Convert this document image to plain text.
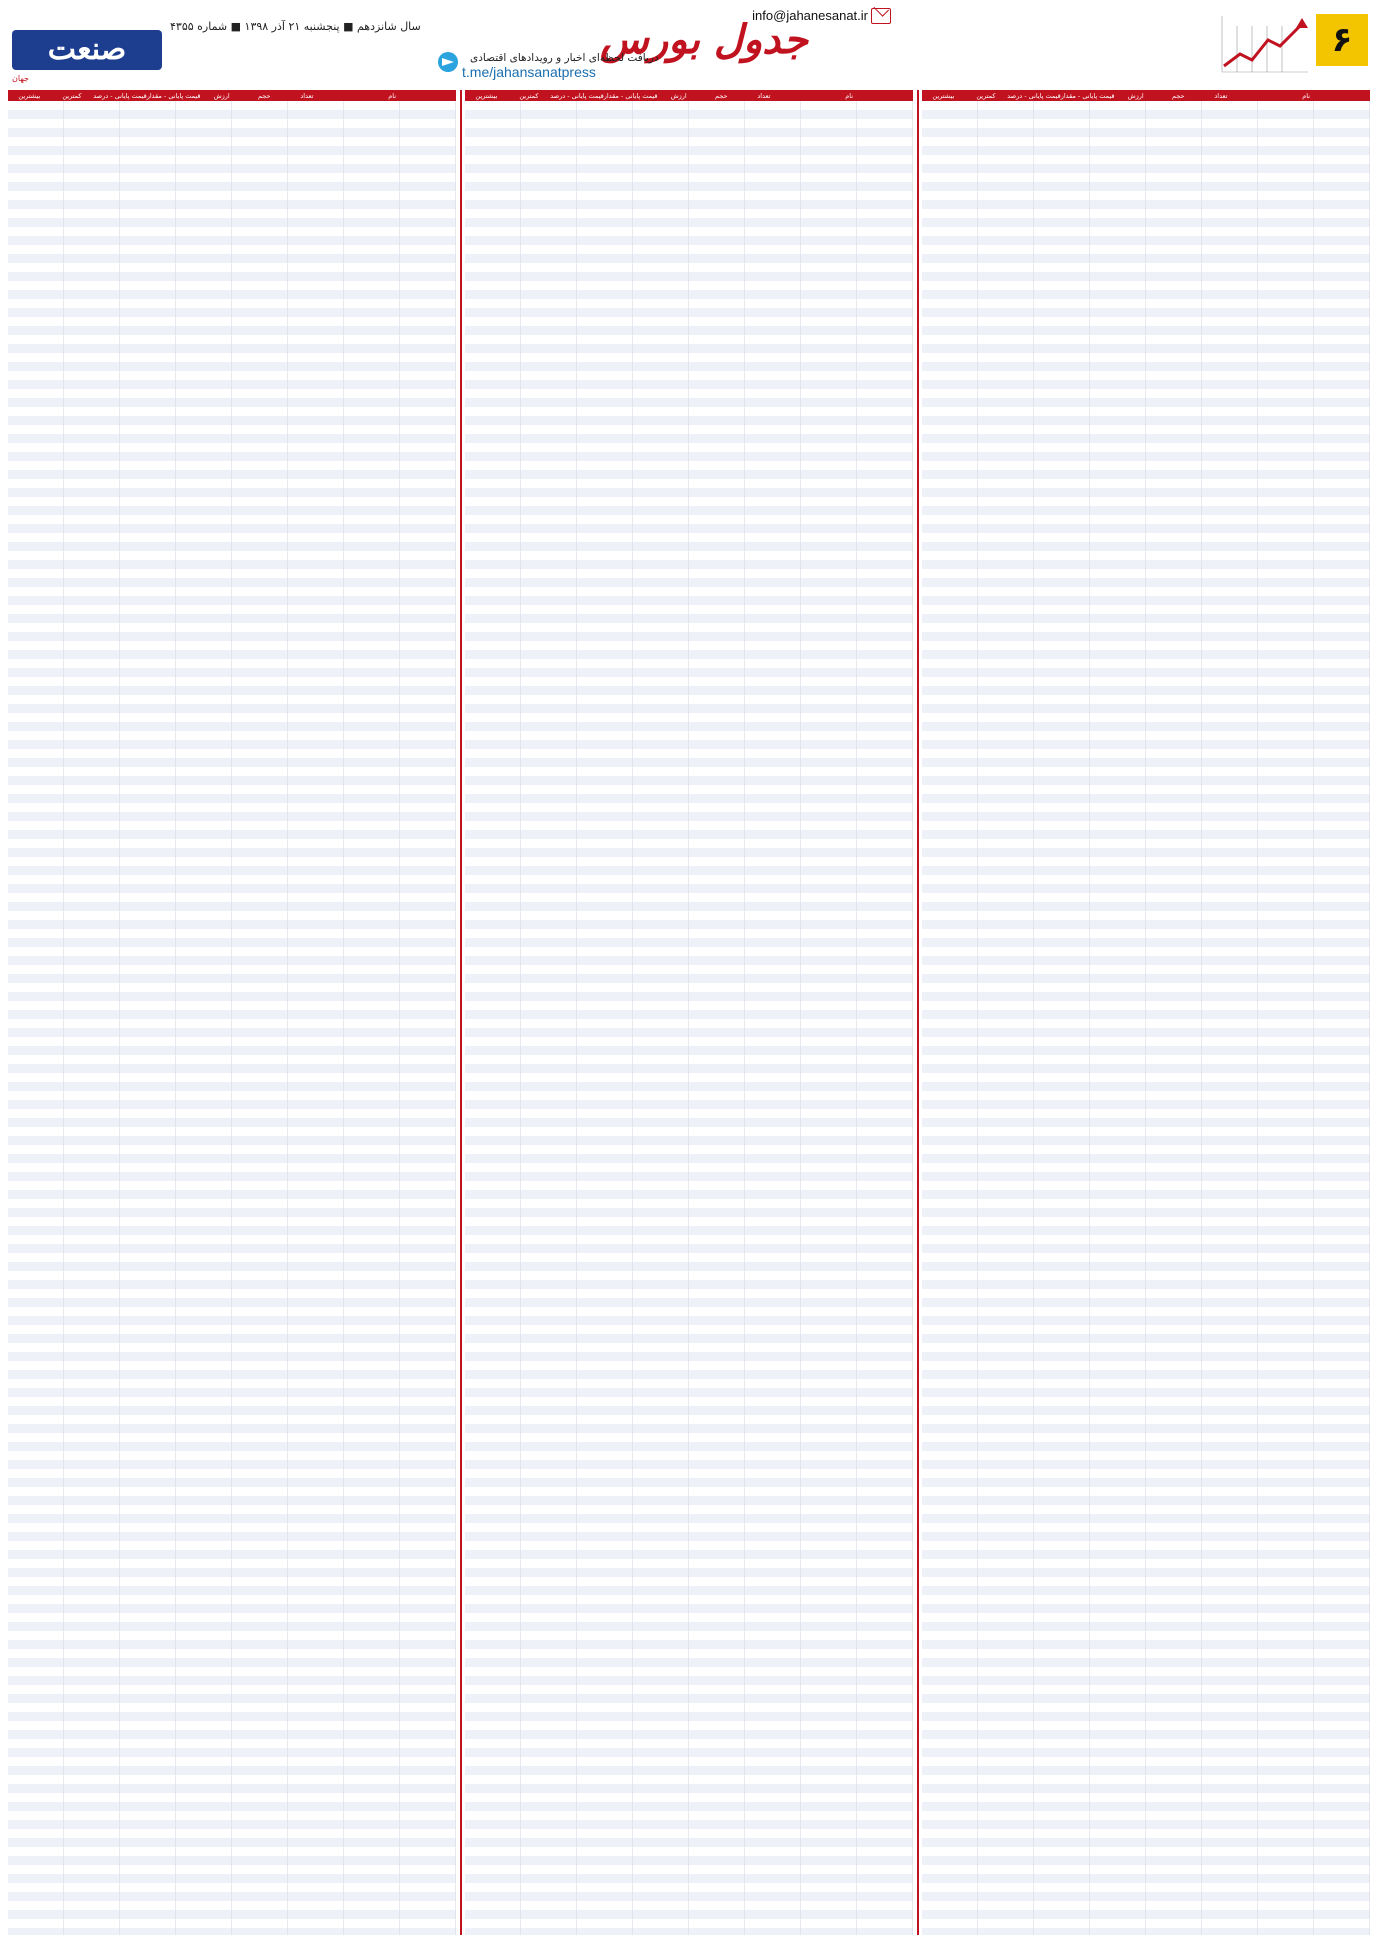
۶
info@jahanesanat.ir
جدول بورس
دریافت لحظه‌ای اخبار و رویدادهای اقتصادی
t.me/jahansanatpress
سال شانزدهم ■ پنجشنبه ۲۱ آذر ۱۳۹۸ ■ شماره ۴۳۵۵
صنعت
جهان
نام
تعداد
حجم
ارزش
قیمت پایانی - مقدار
قیمت پایانی - درصد
کمترین
بیشترین
نام
تعداد
حجم
ارزش
قیمت پایانی - مقدار
قیمت پایانی - درصد
کمترین
بیشترین
نام
تعداد
حجم
ارزش
قیمت پایانی - مقدار
قیمت پایانی - درصد
کمترین
بیشترین
